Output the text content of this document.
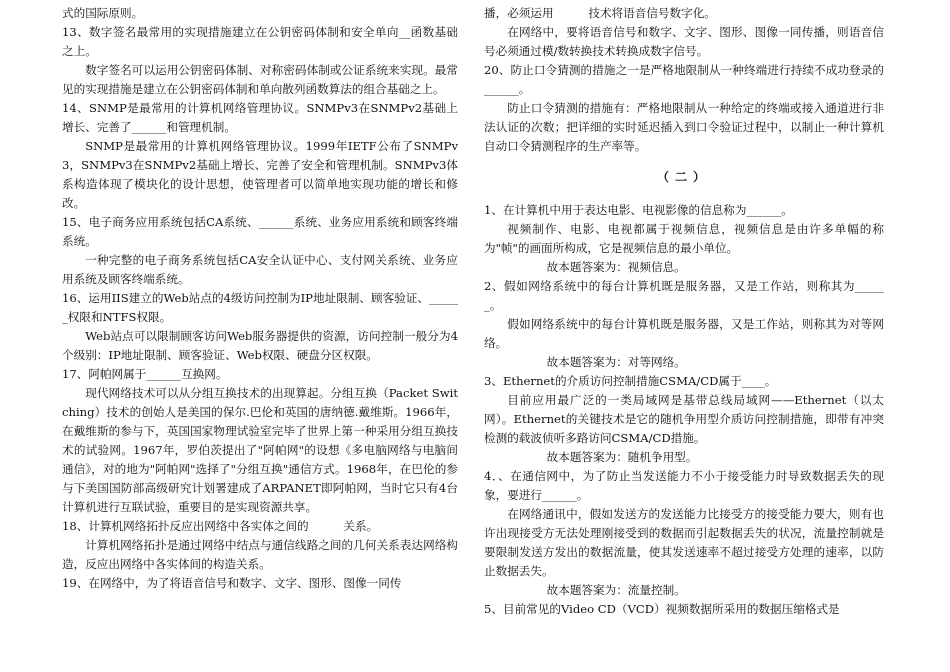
式的国际原则。

13、数字签名最常用的实现措施建立在公钥密码体制和安全单向__函数基础之上。

数字签名可以运用公钥密码体制、对称密码体制或公证系统来实现。最常见的实现措施是建立在公钥密码体制和单向散列函数算法的组合基础之上。

14、SNMP是最常用的计算机网络管理协议。SNMPv3在SNMPv2基础上增长、完善了______和管理机制。

SNMP是最常用的计算机网络管理协议。1999年IETF公布了SNMPv3，SNMPv3在SNMPv2基础上增长、完善了安全和管理机制。SNMPv3体系构造体现了模块化的设计思想，使管理者可以简单地实现功能的增长和修改。

15、电子商务应用系统包括CA系统、______系统、业务应用系统和顾客终端系统。

一种完整的电子商务系统包括CA安全认证中心、支付网关系统、业务应用系统及顾客终端系统。

16、运用IIS建立的Web站点的4级访问控制为IP地址限制、顾客验证、______权限和NTFS权限。

Web站点可以限制顾客访问Web服务器提供的资源，访问控制一般分为4个级别：IP地址限制、顾客验证、Web权限、硬盘分区权限。

17、阿帕网属于______互换网。

现代网络技术可以从分组互换技术的出现算起。分组互换（Packet Switching）技术的创始人是美国的保尔.巴伦和英国的唐纳德.戴维斯。1966年，在戴维斯的参与下，英国国家物理试验室完毕了世界上第一种采用分组互换技术的试验网。1967年，罗伯茨提出了"阿帕网"的设想《多电脑网络与电脑间通信》，对的地为"阿帕网"选择了"分组互换"通信方式。1968年，在巴伦的参与下美国国防部高级研究计划署建成了ARPANET即阿帕网，当时它只有4台计算机进行互联试验，重要目的是实现资源共享。

18、计算机网络拓扑反应出网络中各实体之间的　　　关系。

计算机网络拓扑是通过网络中结点与通信线路之间的几何关系表达网络构造，反应出网络中各实体间的构造关系。

19、在网络中，为了将语音信号和数字、文字、图形、图像一同传

播，必须运用　　　技术将语音信号数字化。

在网络中，要将语音信号和数字、文字、图形、图像一同传播，则语音信号必须通过模/数转换技术转换成数字信号。

20、防止口令猜测的措施之一是严格地限制从一种终端进行持续不成功登录的______。

防止口令猜测的措施有：严格地限制从一种给定的终端或接入通道进行非法认证的次数；把详细的实时延迟插入到口令验证过程中，以制止一种计算机自动口令猜测程序的生产率等。

（二）

1、在计算机中用于表达电影、电视影像的信息称为______。

视频制作、电影、电视都属于视频信息，视频信息是由许多单幅的称为"帧"的画面所构成，它是视频信息的最小单位。

故本题答案为：视频信息。

2、假如网络系统中的每台计算机既是服务器，又是工作站，则称其为______。

假如网络系统中的每台计算机既是服务器，又是工作站，则称其为对等网络。

故本题答案为：对等网络。

3、Ethernet的介质访问控制措施CSMA/CD属于____。

目前应用最广泛的一类局域网是基带总线局域网——Ethernet（以太网）。Ethernet的关键技术是它的随机争用型介质访问控制措施，即带有冲突检测的载波侦听多路访问CSMA/CD措施。

故本题答案为：随机争用型。

4．、在通信网中，为了防止当发送能力不小于接受能力时导致数据丢失的现象，要进行______。

在网络通讯中，假如发送方的发送能力比接受方的接受能力要大，则有也许出现接受方无法处理刚接受到的数据而引起数据丢失的状况，流量控制就是要限制发送方发出的数据流量，使其发送速率不超过接受方处理的速率，以防止数据丢失。

故本题答案为：流量控制。

5、目前常见的Video CD（VCD）视频数据所采用的数据压缩格式是
